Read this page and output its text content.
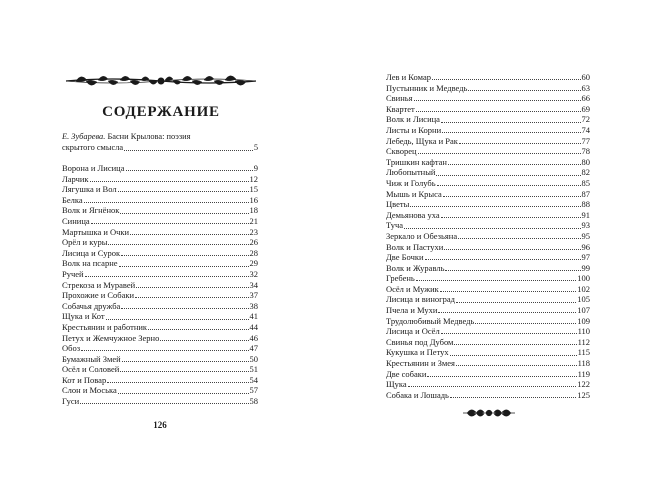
СОДЕРЖАНИЕ
Е. Зубарева. Басни Крылова: поэзия
скрытого смысла	5
Ворона и Лисица	9
Ларчик	12
Лягушка и Вол	15
Белка	16
Волк и Ягнёнок	18
Синица	21
Мартышка и Очки	23
Орёл и куры	26
Лисица и Сурок	28
Волк на псарне	29
Ручей	32
Стрекоза и Муравей	34
Прохожие и Собаки	37
Собачья дружба	38
Щука и Кот	41
Крестьянин и работник	44
Петух и Жемчужное Зерно	46
Обоз	47
Бумажный Змей	50
Осёл и Соловей	51
Кот и Повар	54
Слон и Моська	57
Гуси	58
126
Лев и Комар	60
Пустынник и Медведь	63
Свинья	66
Квартет	69
Волк и Лисица	72
Листы и Корни	74
Лебедь, Щука и Рак	77
Скворец	78
Тришкин кафтан	80
Любопытный	82
Чиж и Голубь	85
Мышь и Крыса	87
Цветы	88
Демьянова уха	91
Туча	93
Зеркало и Обезьяна	95
Волк и Пастухи	96
Две Бочки	97
Волк и Журавль	99
Гребень	100
Осёл и Мужик	102
Лисица и виноград	105
Пчела и Мухи	107
Трудолюбивый Медведь	109
Лисица и Осёл	110
Свинья под Дубом	112
Кукушка и Петух	115
Крестьянин и Змея	118
Две собаки	119
Щука	122
Собака и Лошадь	125
